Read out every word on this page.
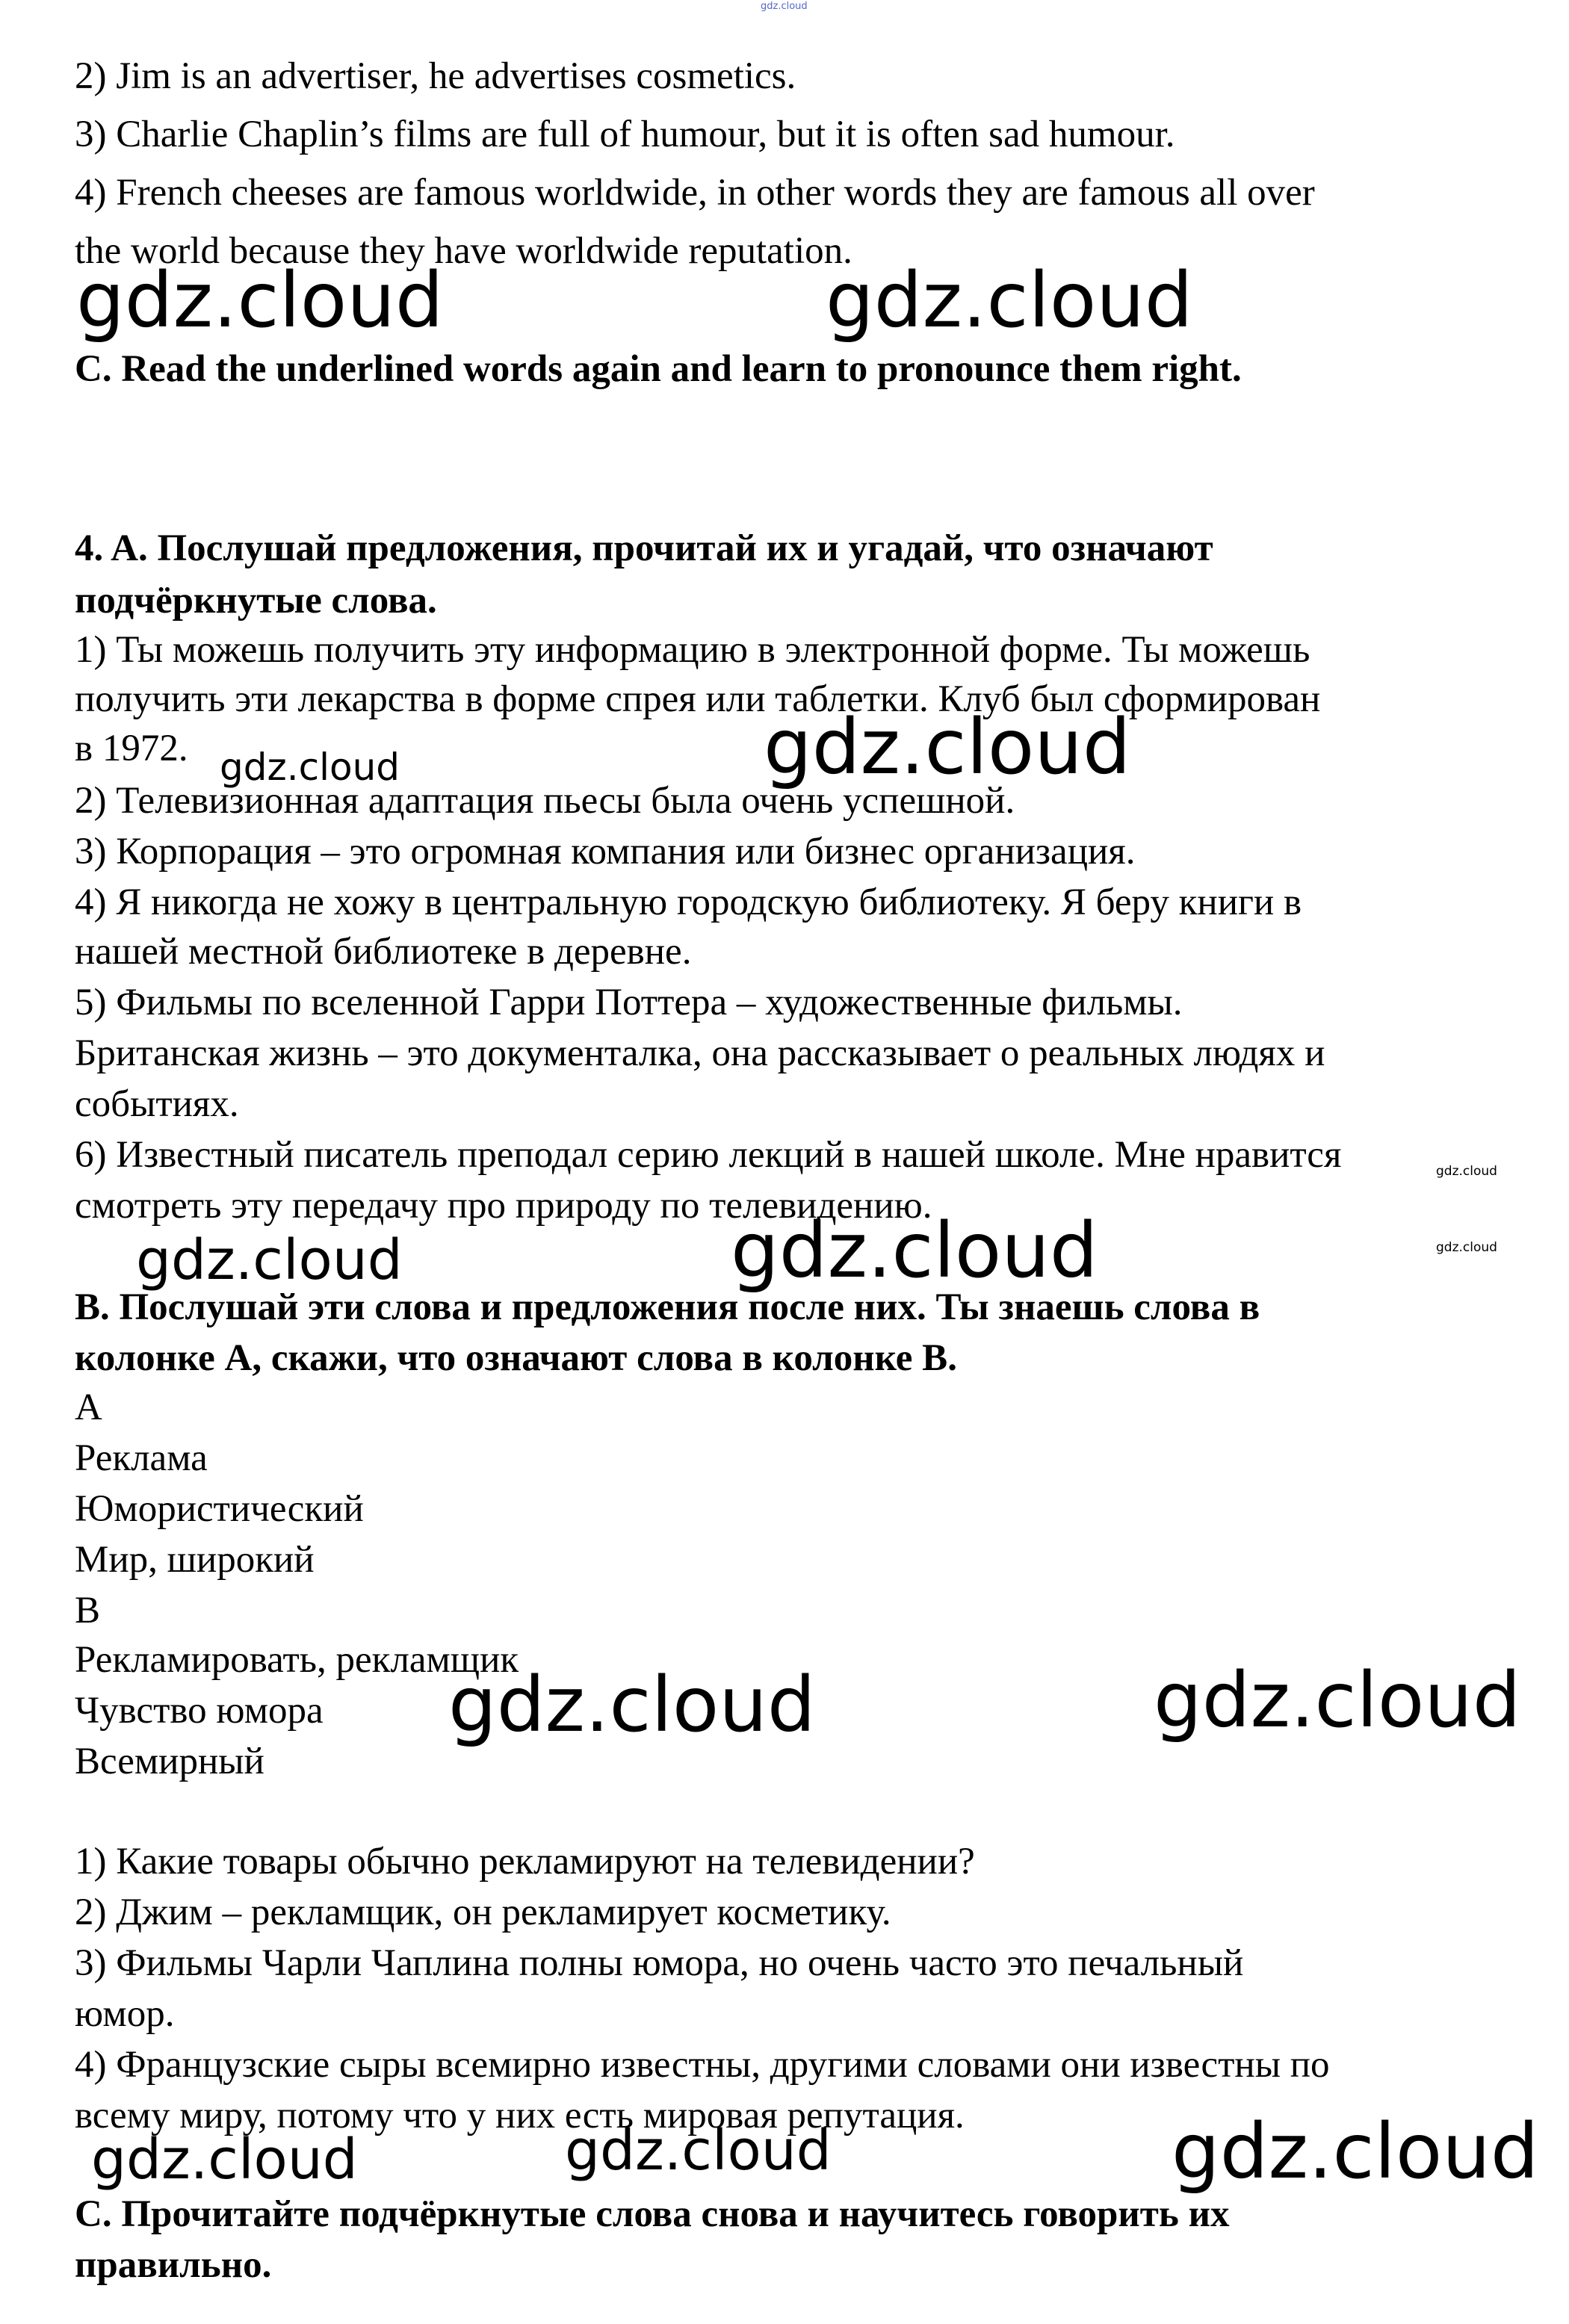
2) Jim is an advertiser, he advertises cosmetics.
3) Charlie Chaplin’s films are full of humour, but it is often sad humour.
4) French cheeses are famous worldwide, in other words they are famous all over
the world because they have worldwide reputation.
C. Read the underlined words again and learn to pronounce them right.
4. A. Послушай предложения, прочитай их и угадай, что означают
подчёркнутые слова.
1) Ты можешь получить эту информацию в электронной форме. Ты можешь
получить эти лекарства в форме спрея или таблетки. Клуб был сформирован
в 1972.
2) Телевизионная адаптация пьесы была очень успешной.
3) Корпорация – это огромная компания или бизнес организация.
4) Я никогда не хожу в центральную городскую библиотеку. Я беру книги в
нашей местной библиотеке в деревне.
5) Фильмы по вселенной Гарри Поттера – художественные фильмы.
Британская жизнь – это документалка, она рассказывает о реальных людях и
событиях.
6) Известный писатель преподал серию лекций в нашей школе. Мне нравится
смотреть эту передачу про природу по телевидению.
B. Послушай эти слова и предложения после них. Ты знаешь слова в
колонке А, скажи, что означают слова в колонке В.
A
Реклама
Юмористический
Мир, широкий
B
Рекламировать, рекламщик
Чувство юмора
Всемирный
1) Какие товары обычно рекламируют на телевидении?
2) Джим – рекламщик, он рекламирует косметику.
3) Фильмы Чарли Чаплина полны юмора, но очень часто это печальный
юмор.
4) Французские сыры всемирно известны, другими словами они известны по
всему миру, потому что у них есть мировая репутация.
C. Прочитайте подчёркнутые слова снова и научитесь говорить их
правильно.
gdz.cloud
gdz.cloud	gdz.cloud
gdz.cloud	gdz.cloud
gdz.cloud
gdz.cloud
gdz.cloud	gdz.cloud
gdz.cloud	gdz.cloud
gdz.cloud	gdz.cloud	gdz.cloud
